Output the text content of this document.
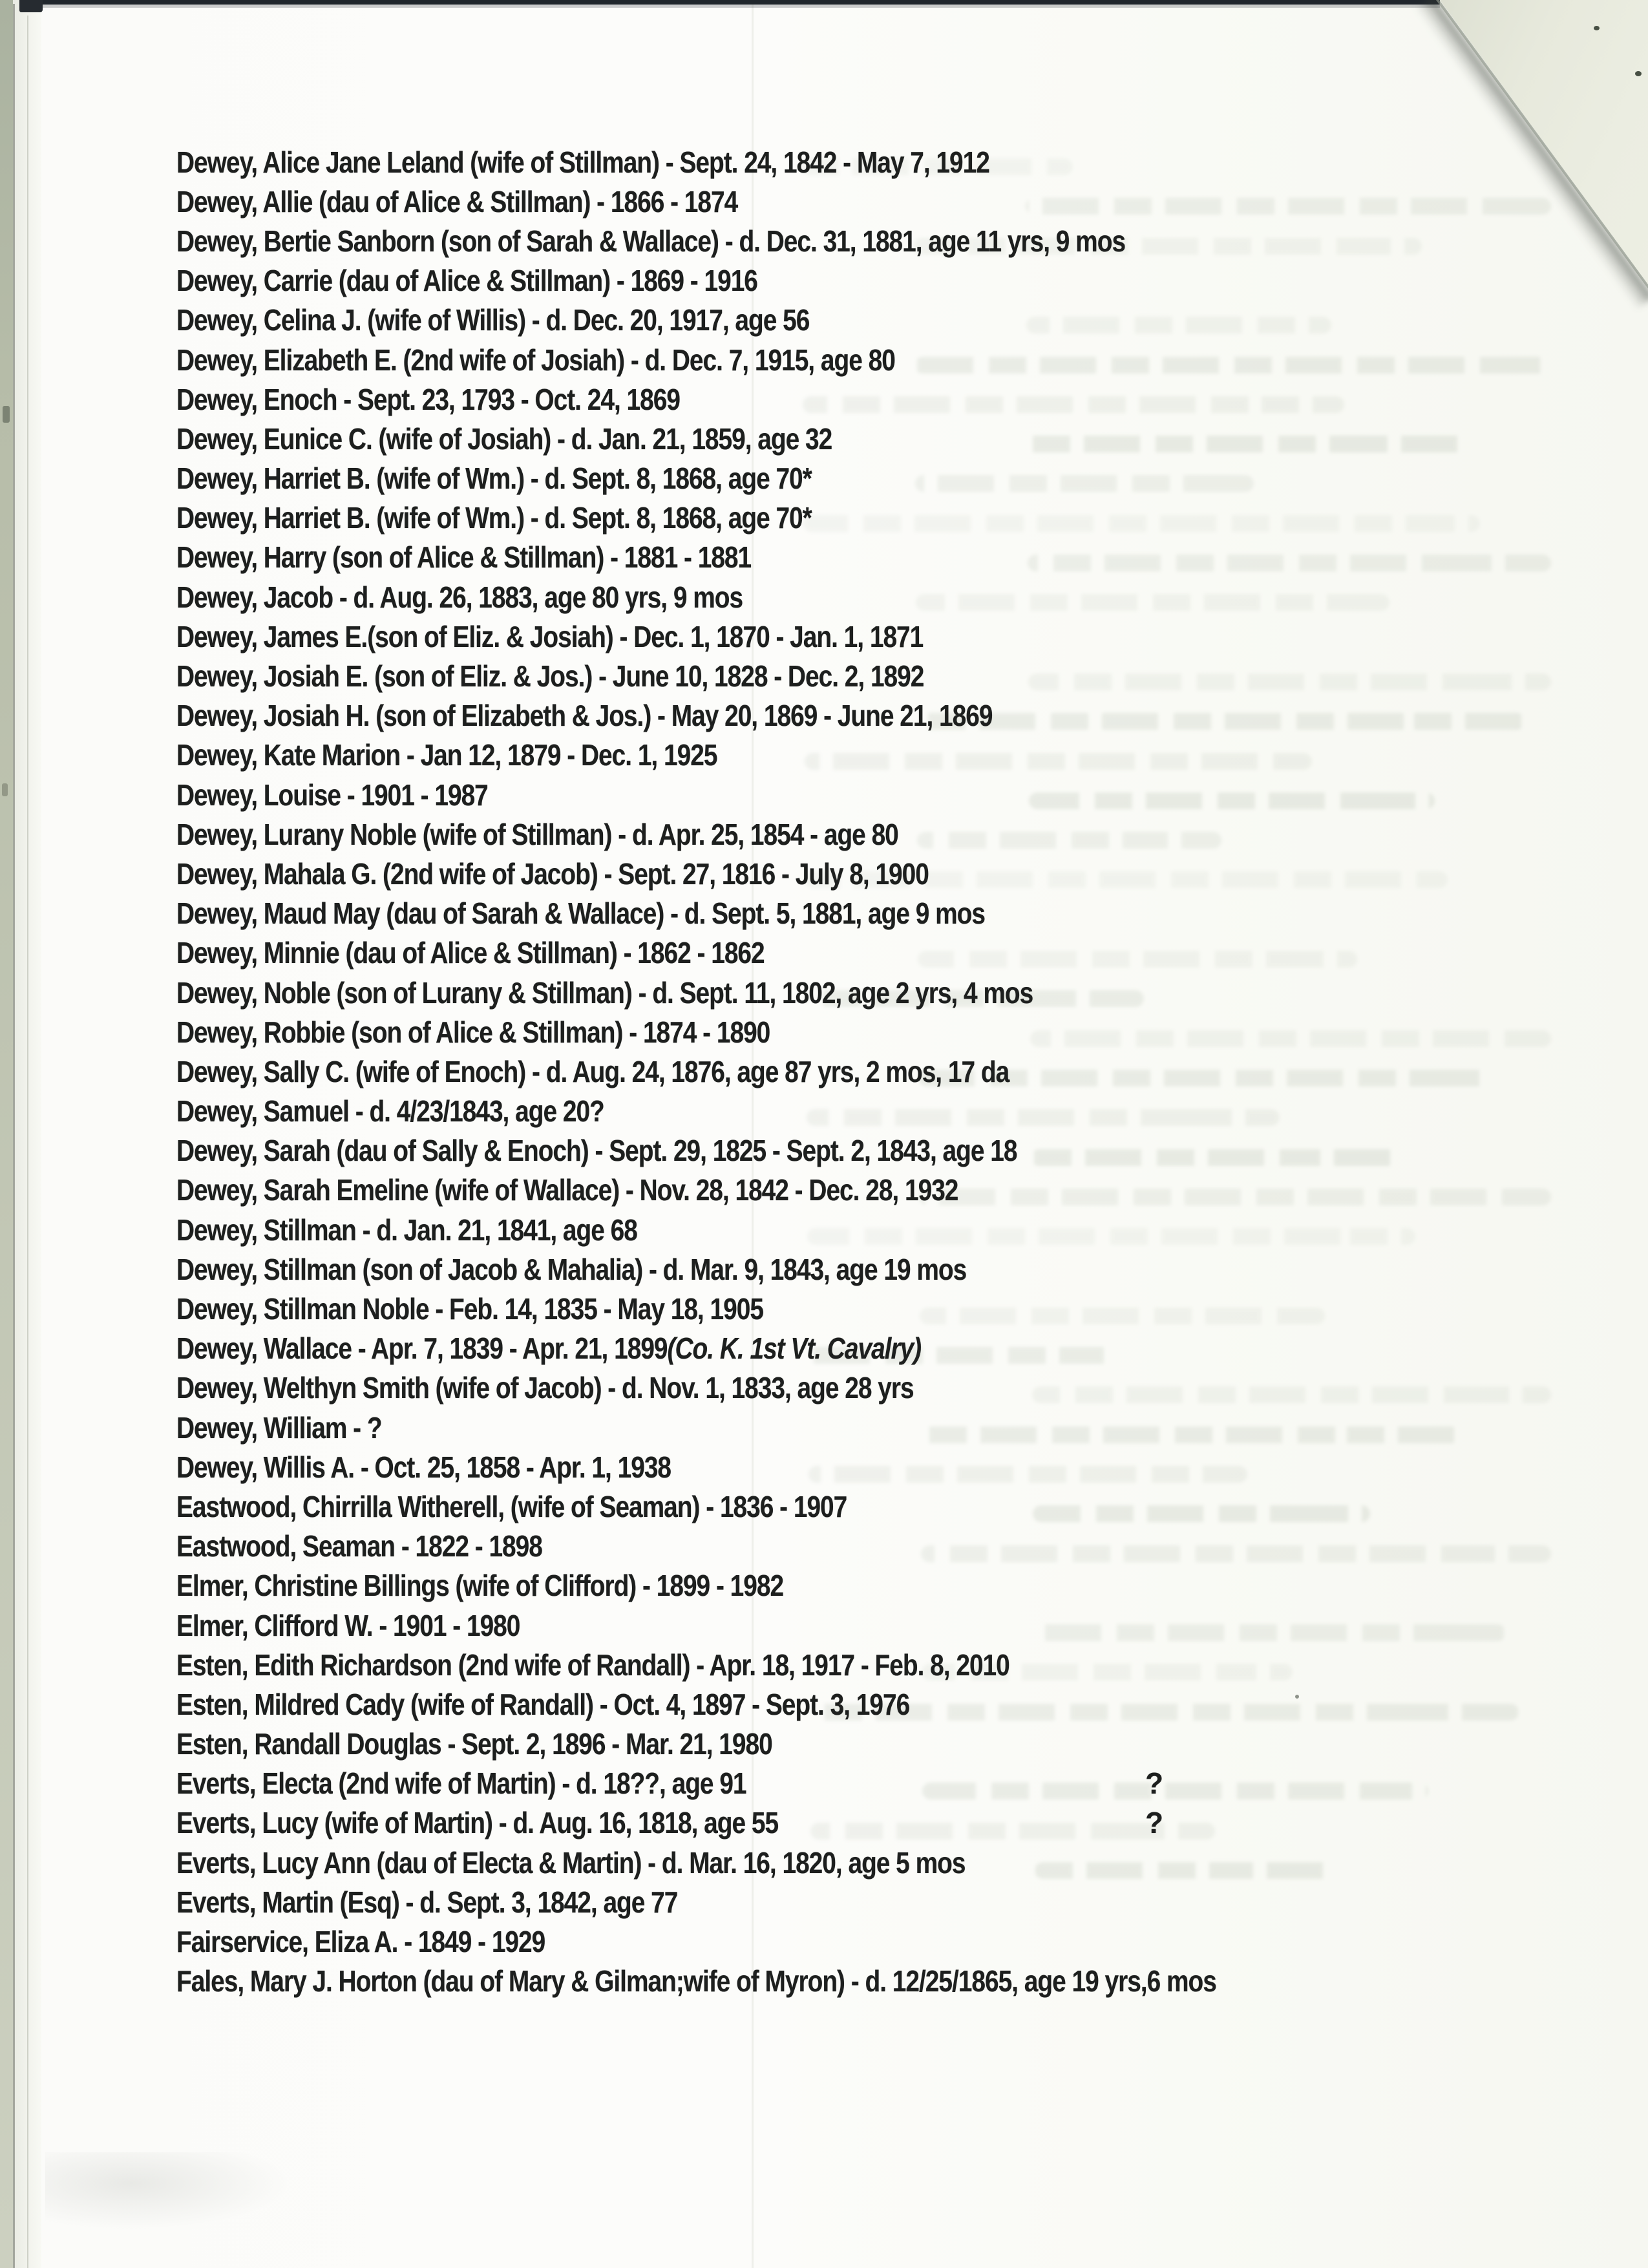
Dewey, Alice Jane Leland (wife of Stillman) - Sept. 24, 1842 - May 7, 1912
Dewey, Allie (dau of Alice & Stillman) - 1866 - 1874
Dewey, Bertie Sanborn (son of Sarah & Wallace) - d. Dec. 31, 1881, age 11 yrs, 9 mos
Dewey, Carrie (dau of Alice & Stillman) - 1869 - 1916
Dewey, Celina J. (wife of Willis) - d. Dec. 20, 1917, age 56
Dewey, Elizabeth E. (2nd wife of Josiah) - d. Dec. 7, 1915, age 80
Dewey, Enoch - Sept. 23, 1793 - Oct. 24, 1869
Dewey, Eunice C. (wife of Josiah) - d. Jan. 21, 1859, age 32
Dewey, Harriet B. (wife of Wm.) - d. Sept. 8, 1868, age 70*
Dewey, Harriet B. (wife of Wm.) - d. Sept. 8, 1868, age 70*
Dewey, Harry (son of Alice & Stillman) - 1881 - 1881
Dewey, Jacob - d. Aug. 26, 1883, age 80 yrs, 9 mos
Dewey, James E.(son of Eliz. & Josiah) - Dec. 1, 1870 - Jan. 1, 1871
Dewey, Josiah E. (son of Eliz. & Jos.) - June 10, 1828 - Dec. 2, 1892
Dewey, Josiah H. (son of Elizabeth & Jos.) - May 20, 1869 - June 21, 1869
Dewey, Kate Marion - Jan 12, 1879 - Dec. 1, 1925
Dewey, Louise - 1901 - 1987
Dewey, Lurany Noble (wife of Stillman) - d. Apr. 25, 1854 - age 80
Dewey, Mahala G. (2nd wife of Jacob) - Sept. 27, 1816 - July 8, 1900
Dewey, Maud May (dau of Sarah & Wallace) - d. Sept. 5, 1881, age 9 mos
Dewey, Minnie (dau of Alice & Stillman) - 1862 - 1862
Dewey, Noble (son of Lurany & Stillman) - d. Sept. 11, 1802, age 2 yrs, 4 mos
Dewey, Robbie (son of Alice & Stillman) - 1874 - 1890
Dewey, Sally C. (wife of Enoch) - d. Aug. 24, 1876, age 87 yrs, 2 mos, 17 da
Dewey, Samuel - d. 4/23/1843, age 20?
Dewey, Sarah (dau of Sally & Enoch) - Sept. 29, 1825 - Sept. 2, 1843, age 18
Dewey, Sarah Emeline (wife of Wallace) - Nov. 28, 1842 - Dec. 28, 1932
Dewey, Stillman - d. Jan. 21, 1841, age 68
Dewey, Stillman (son of Jacob & Mahalia) - d. Mar. 9, 1843, age 19 mos
Dewey, Stillman Noble - Feb. 14, 1835 - May 18, 1905
Dewey, Wallace - Apr. 7, 1839 - Apr. 21, 1899 (Co. K. 1st Vt. Cavalry)
Dewey, Welthyn Smith (wife of Jacob) - d. Nov. 1, 1833, age 28 yrs
Dewey, William - ?
Dewey, Willis A. - Oct. 25, 1858 - Apr. 1, 1938
Eastwood, Chirrilla Witherell, (wife of Seaman) - 1836 - 1907
Eastwood, Seaman - 1822 - 1898
Elmer, Christine Billings (wife of Clifford) - 1899 - 1982
Elmer, Clifford W. - 1901 - 1980
Esten, Edith Richardson (2nd wife of Randall) - Apr. 18, 1917 - Feb. 8, 2010
Esten, Mildred Cady (wife of Randall) - Oct. 4, 1897 - Sept. 3, 1976
Esten, Randall Douglas - Sept. 2, 1896 - Mar. 21, 1980
Everts, Electa (2nd wife of Martin) - d. 18??, age 91
Everts, Lucy (wife of Martin) - d. Aug. 16, 1818, age 55
Everts, Lucy Ann (dau of Electa & Martin) - d. Mar. 16, 1820, age 5 mos
Everts, Martin (Esq) - d. Sept. 3, 1842, age 77
Fairservice, Eliza A. - 1849 - 1929
Fales, Mary J. Horton (dau of Mary & Gilman;wife of Myron) - d. 12/25/1865, age 19 yrs,6 mos
?
?
